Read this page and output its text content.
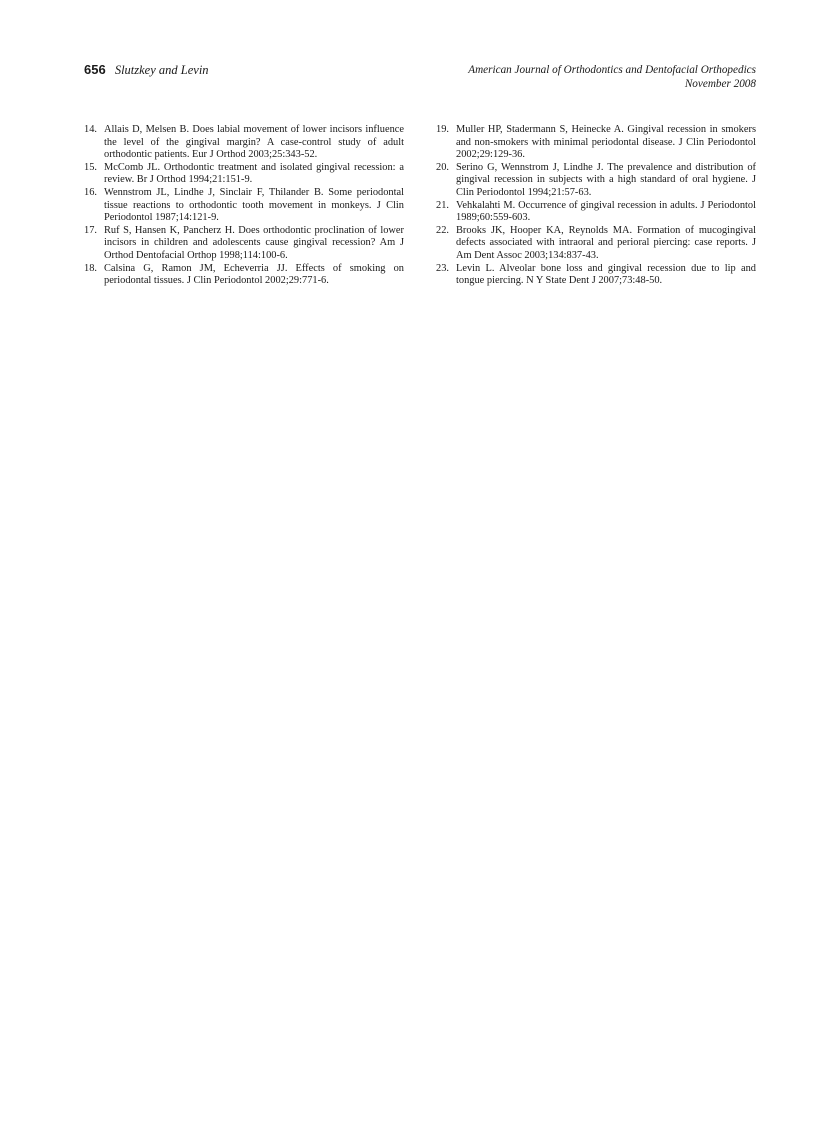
656 Slutzkey and Levin	American Journal of Orthodontics and Dentofacial Orthopedics
November 2008
14. Allais D, Melsen B. Does labial movement of lower incisors influence the level of the gingival margin? A case-control study of adult orthodontic patients. Eur J Orthod 2003;25:343-52.
15. McComb JL. Orthodontic treatment and isolated gingival recession: a review. Br J Orthod 1994;21:151-9.
16. Wennstrom JL, Lindhe J, Sinclair F, Thilander B. Some periodontal tissue reactions to orthodontic tooth movement in monkeys. J Clin Periodontol 1987;14:121-9.
17. Ruf S, Hansen K, Pancherz H. Does orthodontic proclination of lower incisors in children and adolescents cause gingival recession? Am J Orthod Dentofacial Orthop 1998;114:100-6.
18. Calsina G, Ramon JM, Echeverria JJ. Effects of smoking on periodontal tissues. J Clin Periodontol 2002;29:771-6.
19. Muller HP, Stadermann S, Heinecke A. Gingival recession in smokers and non-smokers with minimal periodontal disease. J Clin Periodontol 2002;29:129-36.
20. Serino G, Wennstrom J, Lindhe J. The prevalence and distribution of gingival recession in subjects with a high standard of oral hygiene. J Clin Periodontol 1994;21:57-63.
21. Vehkalahti M. Occurrence of gingival recession in adults. J Periodontol 1989;60:559-603.
22. Brooks JK, Hooper KA, Reynolds MA. Formation of mucogingival defects associated with intraoral and perioral piercing: case reports. J Am Dent Assoc 2003;134:837-43.
23. Levin L. Alveolar bone loss and gingival recession due to lip and tongue piercing. N Y State Dent J 2007;73:48-50.
